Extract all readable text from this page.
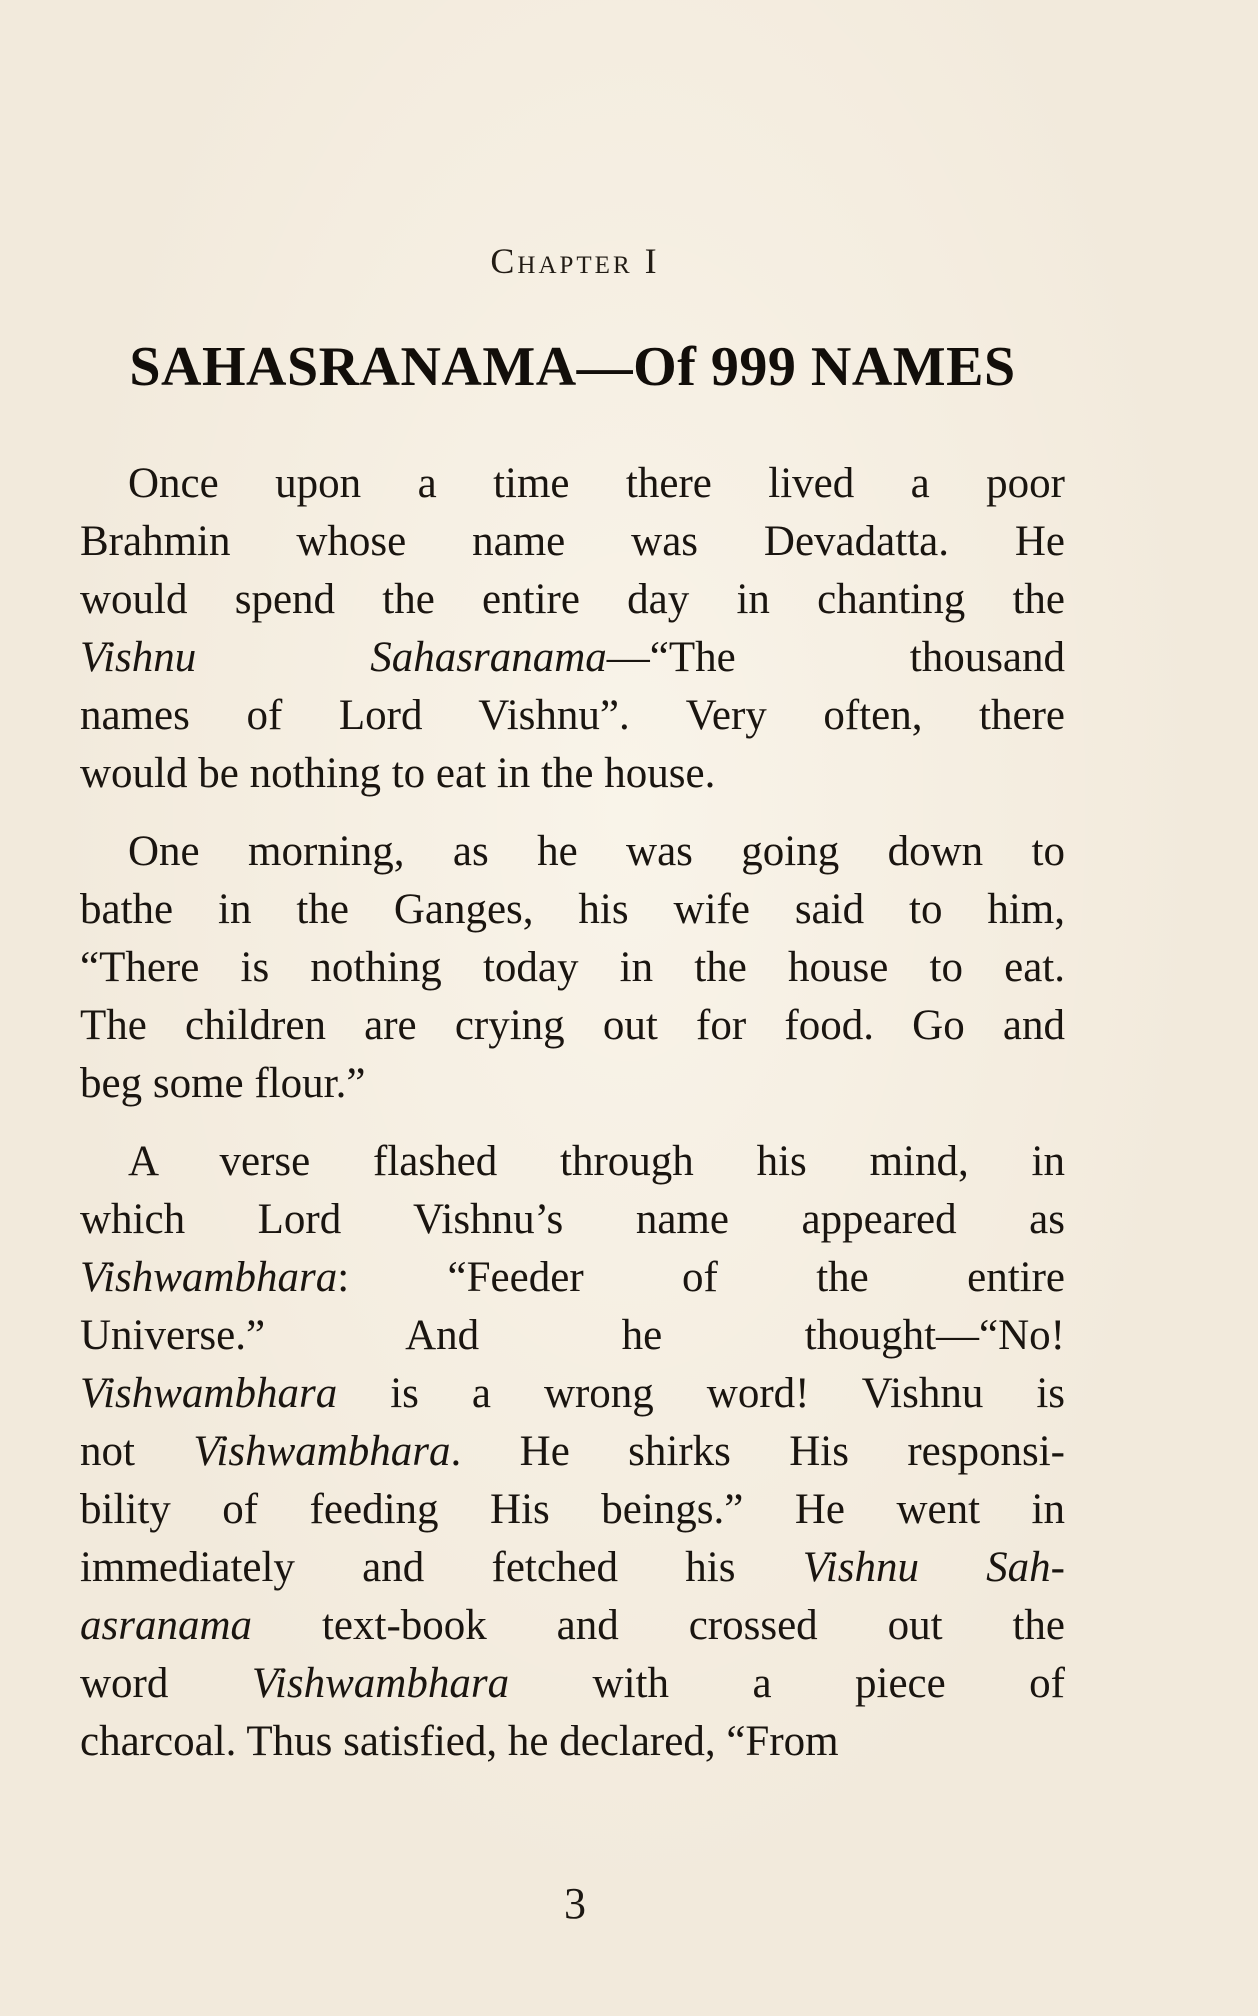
Chapter I
SAHASRANAMA—Of 999 NAMES

Once upon a time there lived a poor
Brahmin whose name was Devadatta. He
would spend the entire day in chanting the
Vishnu Sahasranama—“The thousand
names of Lord Vishnu”. Very often, there
would be nothing to eat in the house.

One morning, as he was going down to
bathe in the Ganges, his wife said to him,
“There is nothing today in the house to eat.
The children are crying out for food. Go and
beg some flour.”

A verse flashed through his mind, in
which Lord Vishnu’s name appeared as
Vishwambhara: “Feeder of the entire
Universe.” And he thought—“No!
Vishwambhara is a wrong word! Vishnu is
not Vishwambhara. He shirks His responsi-
bility of feeding His beings.” He went in
immediately and fetched his Vishnu Sah-
asranama text-book and crossed out the
word Vishwambhara with a piece of
charcoal. Thus satisfied, he declared, “From

3
